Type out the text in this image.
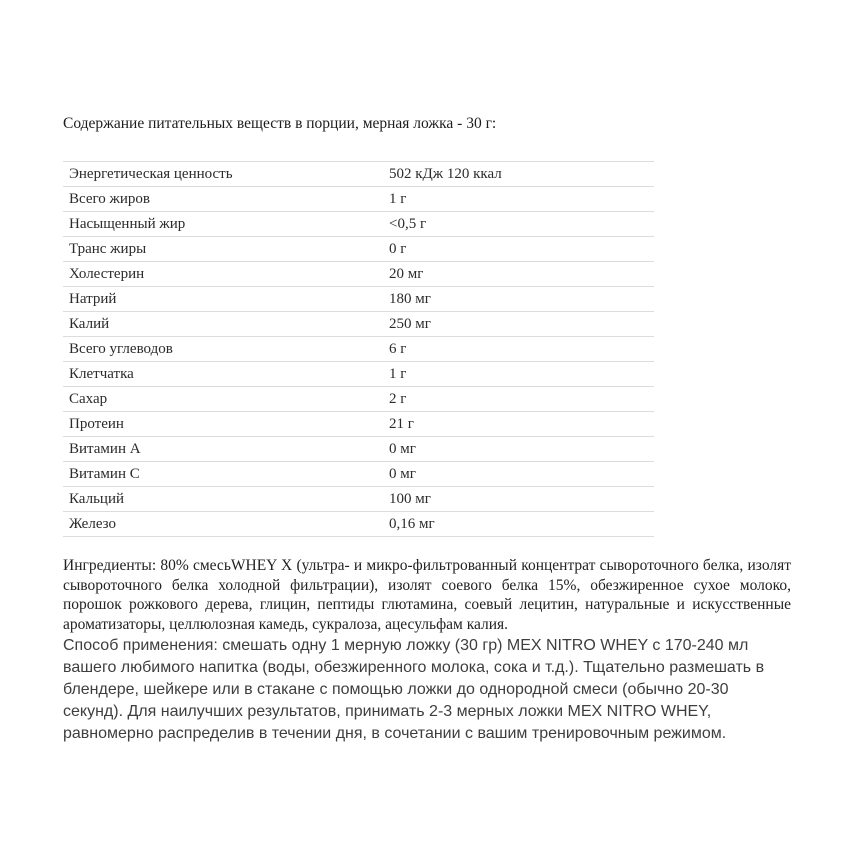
Содержание питательных веществ в порции, мерная ложка - 30 г:

Энергетическая ценность	502 кДж 120 ккал
Всего жиров	1 г
Насыщенный жир	<0,5 г
Транс жиры	0 г
Холестерин	20 мг
Натрий	180 мг
Калий	250 мг
Всего углеводов	6 г
Клетчатка	1 г
Сахар	2 г
Протеин	21 г
Витамин А	0 мг
Витамин С	0 мг
Кальций	100 мг
Железо	0,16 мг

Ингредиенты: 80% смесьWHEY X (ультра- и микро-фильтрованный концентрат сывороточного белка, изолят сывороточного белка холодной фильтрации), изолят соевого белка 15%, обезжиренное сухое молоко, порошок рожкового дерева, глицин, пептиды глютамина, соевый лецитин, натуральные и искусственные ароматизаторы, целлюлозная камедь, сукралоза, ацесульфам калия.

Способ применения: смешать одну 1 мерную ложку (30 гр) MEX NITRO WHEY с 170-240 мл вашего любимого напитка (воды, обезжиренного молока, сока и т.д.). Тщательно размешать в блендере, шейкере или в стакане с помощью ложки до однородной смеси (обычно 20-30 секунд). Для наилучших результатов, принимать 2-3 мерных ложки MEX NITRO WHEY, равномерно распределив в течении дня, в сочетании с вашим тренировочным режимом.
